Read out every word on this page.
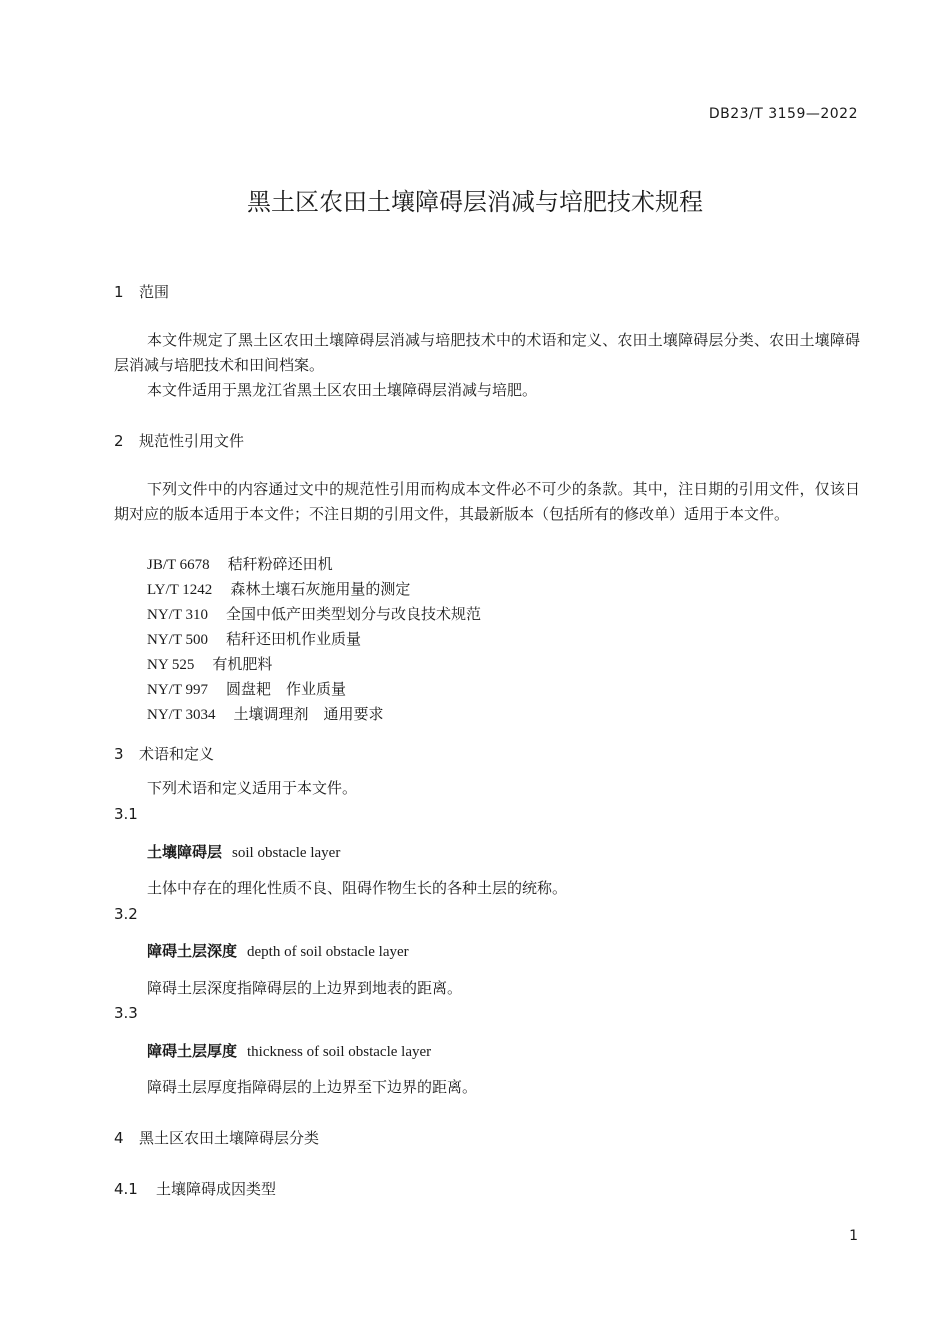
DB23/T 3159—2022
黑土区农田土壤障碍层消减与培肥技术规程
1 范围
本文件规定了黑土区农田土壤障碍层消减与培肥技术中的术语和定义、农田土壤障碍层分类、农田土壤障碍层消减与培肥技术和田间档案。
本文件适用于黑龙江省黑土区农田土壤障碍层消减与培肥。
2 规范性引用文件
下列文件中的内容通过文中的规范性引用而构成本文件必不可少的条款。其中，注日期的引用文件，仅该日期对应的版本适用于本文件；不注日期的引用文件，其最新版本（包括所有的修改单）适用于本文件。
JB/T 6678 秸秆粉碎还田机
LY/T 1242 森林土壤石灰施用量的测定
NY/T 310 全国中低产田类型划分与改良技术规范
NY/T 500 秸秆还田机作业质量
NY 525 有机肥料
NY/T 997 圆盘耙　作业质量
NY/T 3034 土壤调理剂　通用要求
3 术语和定义
下列术语和定义适用于本文件。
3.1
土壤障碍层 soil obstacle layer
土体中存在的理化性质不良、阻碍作物生长的各种土层的统称。
3.2
障碍土层深度 depth of soil obstacle layer
障碍土层深度指障碍层的上边界到地表的距离。
3.3
障碍土层厚度 thickness of soil obstacle layer
障碍土层厚度指障碍层的上边界至下边界的距离。
4 黑土区农田土壤障碍层分类
4.1 土壤障碍成因类型
1
